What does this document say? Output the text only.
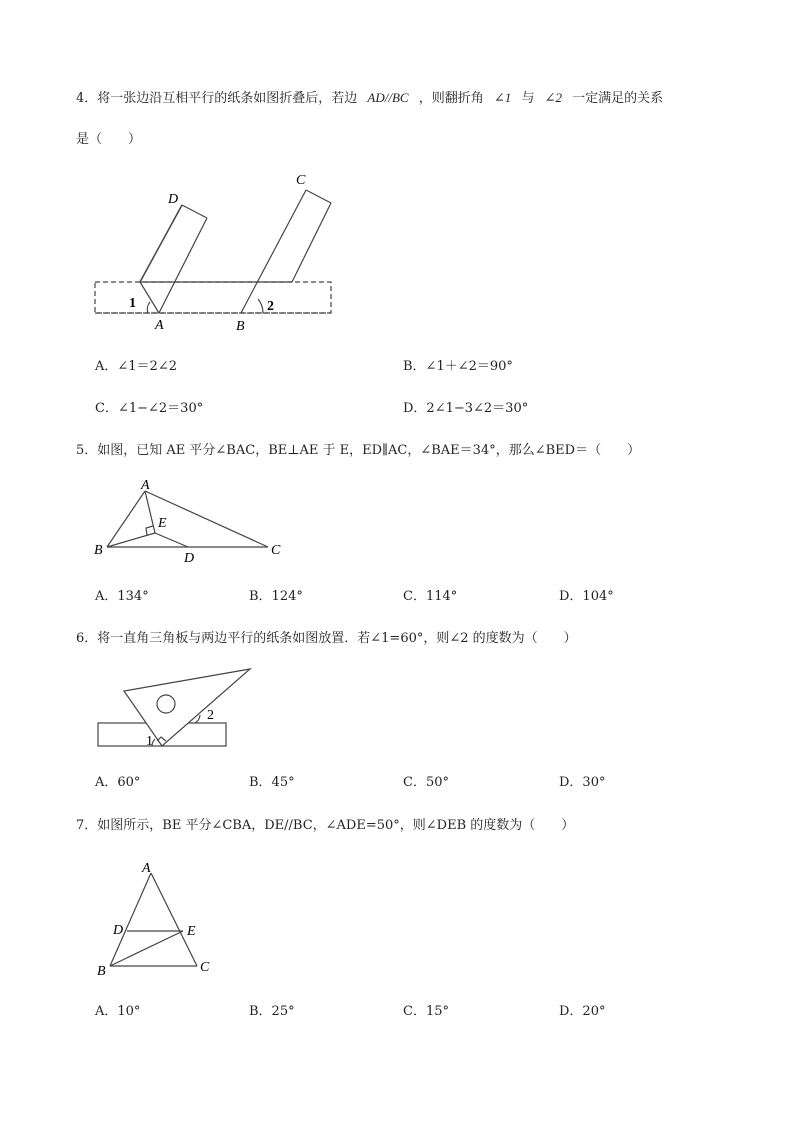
4．将一张边沿互相平行的纸条如图折叠后，若边 AD//BC ，则翻折角 ∠1 与 ∠2 一定满足的关系
是（　　）
D
C
A	B
1	2
A．∠1＝2∠2	B．∠1＋∠2＝90°
C．∠1−∠2＝30°	D．2∠1−3∠2＝30°
5．如图，已知 AE 平分∠BAC，BE⊥AE 于 E，ED∥AC，∠BAE＝34°，那么∠BED＝（　　）
A
E
B
D
C
A．134°	B．124°	C．114°	D．104°
6．将一直角三角板与两边平行的纸条如图放置．若∠1=60°，则∠2 的度数为（　　）
2
1
A．60°	B．45°	C．50°	D．30°
7．如图所示，BE 平分∠CBA，DE//BC，∠ADE=50°，则∠DEB 的度数为（　　）
A
D	E
B	C
A．10°	B．25°	C．15°	D．20°
